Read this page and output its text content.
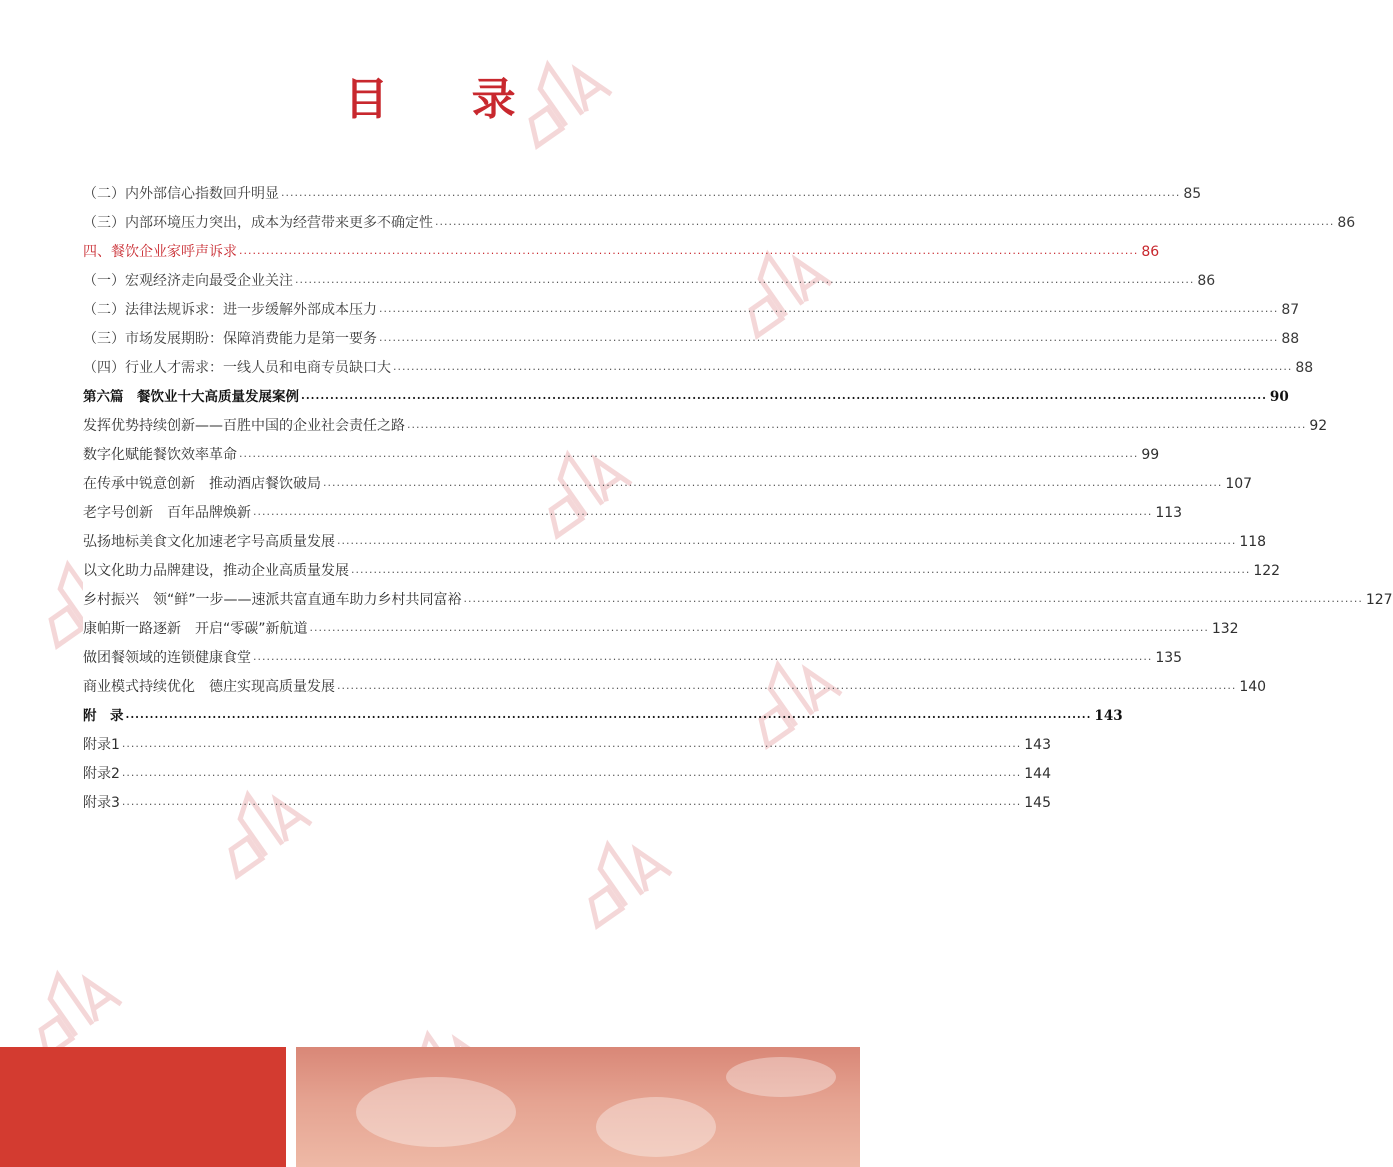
目 录
（二）内外部信心指数回升明显 ········································································································································································································ 85
（三）内部环境压力突出，成本为经营带来更多不确定性 ········································································································································································································ 86
四、餐饮企业家呼声诉求 ········································································································································································································ 86
（一）宏观经济走向最受企业关注 ········································································································································································································ 86
（二）法律法规诉求：进一步缓解外部成本压力 ········································································································································································································ 87
（三）市场发展期盼：保障消费能力是第一要务 ········································································································································································································ 88
（四）行业人才需求：一线人员和电商专员缺口大 ········································································································································································································ 88
第六篇　餐饮业十大高质量发展案例 ········································································································································································································ 90
发挥优势持续创新——百胜中国的企业社会责任之路 ········································································································································································································ 92
数字化赋能餐饮效率革命 ········································································································································································································ 99
在传承中锐意创新　推动酒店餐饮破局 ········································································································································································································ 107
老字号创新　百年品牌焕新 ········································································································································································································ 113
弘扬地标美食文化加速老字号高质量发展 ········································································································································································································ 118
以文化助力品牌建设，推动企业高质量发展 ········································································································································································································ 122
乡村振兴　领“鲜”一步——速派共富直通车助力乡村共同富裕 ········································································································································································································ 127
康帕斯一路逐新　开启“零碳”新航道 ········································································································································································································ 132
做团餐领域的连锁健康食堂 ········································································································································································································ 135
商业模式持续优化　德庄实现高质量发展 ········································································································································································································ 140
附　录 ········································································································································································································ 143
附录1 ········································································································································································································ 143
附录2 ········································································································································································································ 144
附录3 ········································································································································································································ 145
